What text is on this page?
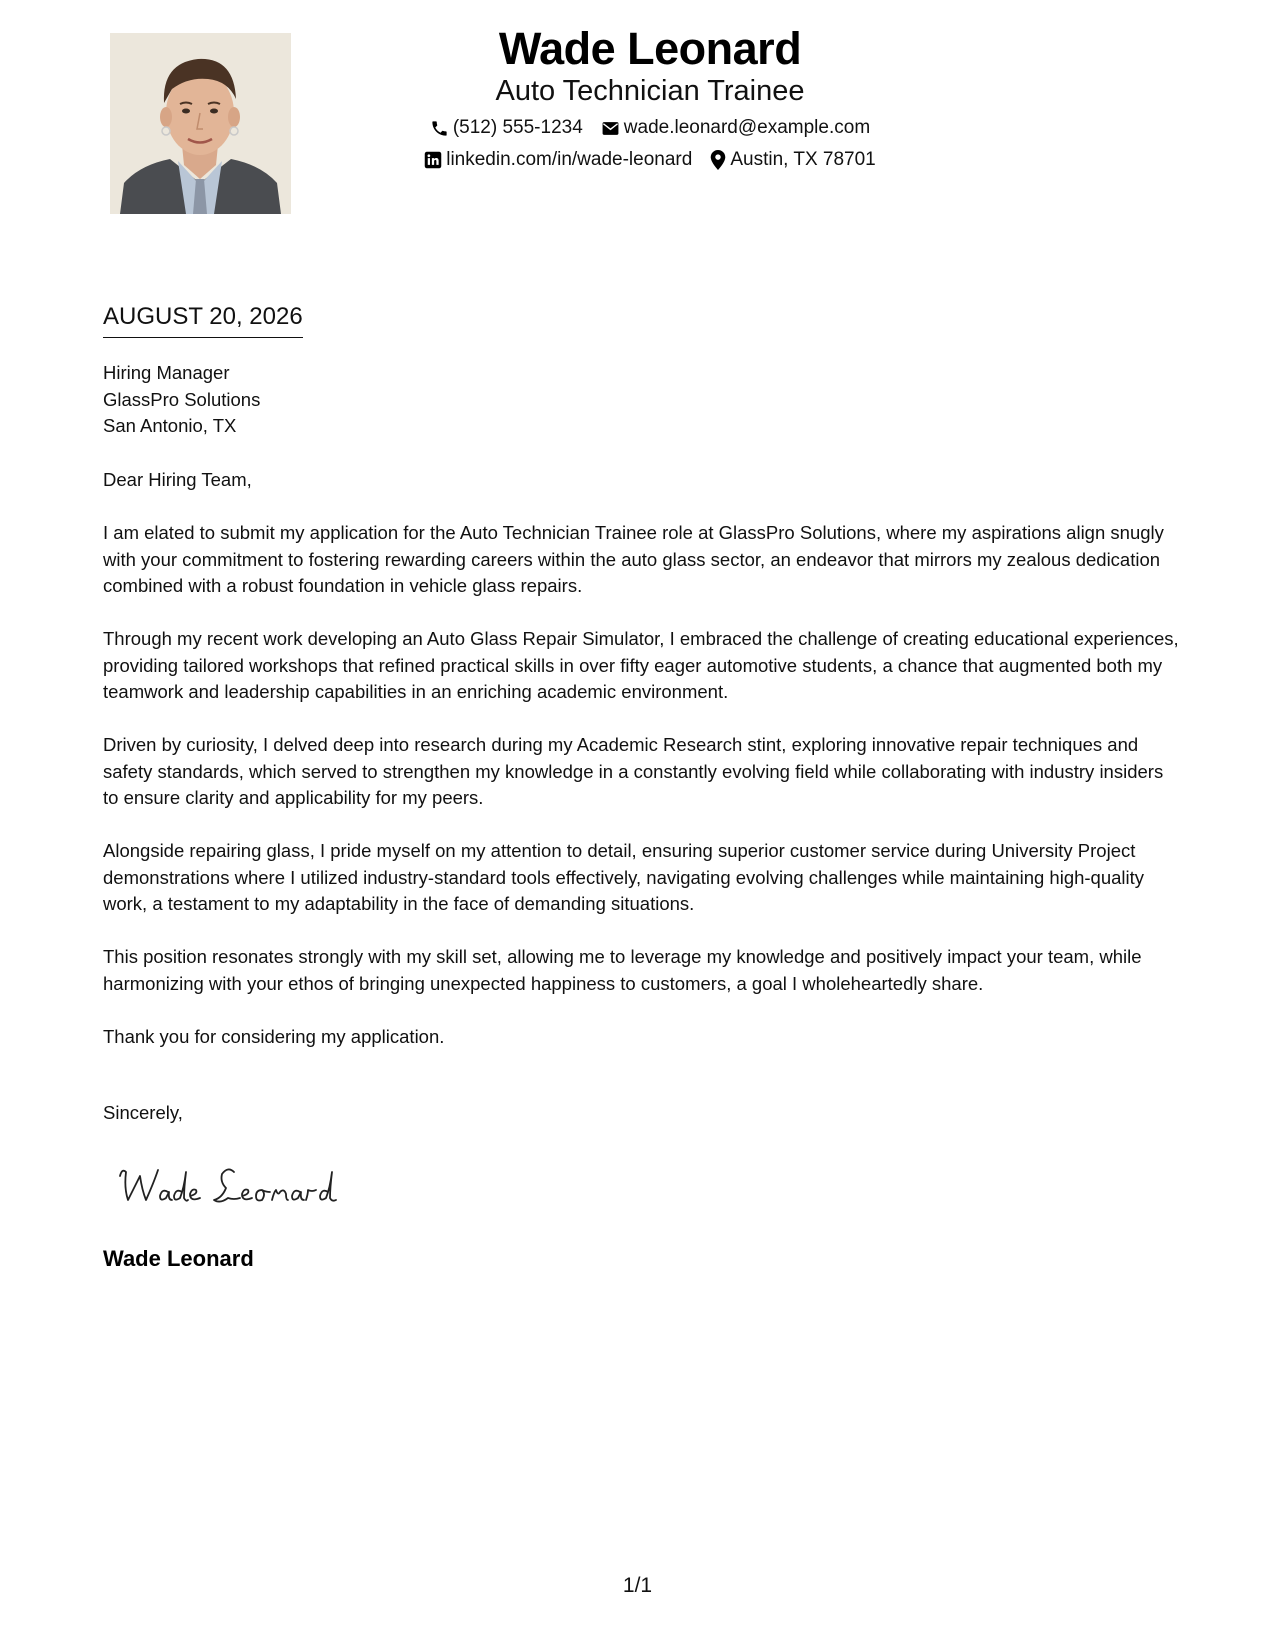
Wade Leonard
Auto Technician Trainee
(512) 555-1234 wade.leonard@example.com
linkedin.com/in/wade-leonard Austin, TX 78701
AUGUST 20, 2026
Hiring Manager
GlassPro Solutions
San Antonio, TX

Dear Hiring Team,

I am elated to submit my application for the Auto Technician Trainee role at GlassPro Solutions, where my aspirations align snugly with your commitment to fostering rewarding careers within the auto glass sector, an endeavor that mirrors my zealous dedication combined with a robust foundation in vehicle glass repairs.

Through my recent work developing an Auto Glass Repair Simulator, I embraced the challenge of creating educational experiences, providing tailored workshops that refined practical skills in over fifty eager automotive students, a chance that augmented both my teamwork and leadership capabilities in an enriching academic environment.

Driven by curiosity, I delved deep into research during my Academic Research stint, exploring innovative repair techniques and safety standards, which served to strengthen my knowledge in a constantly evolving field while collaborating with industry insiders to ensure clarity and applicability for my peers.

Alongside repairing glass, I pride myself on my attention to detail, ensuring superior customer service during University Project demonstrations where I utilized industry-standard tools effectively, navigating evolving challenges while maintaining high-quality work, a testament to my adaptability in the face of demanding situations.

This position resonates strongly with my skill set, allowing me to leverage my knowledge and positively impact your team, while harmonizing with your ethos of bringing unexpected happiness to customers, a goal I wholeheartedly share.

Thank you for considering my application.

Sincerely,
Wade Leonard
1/1
